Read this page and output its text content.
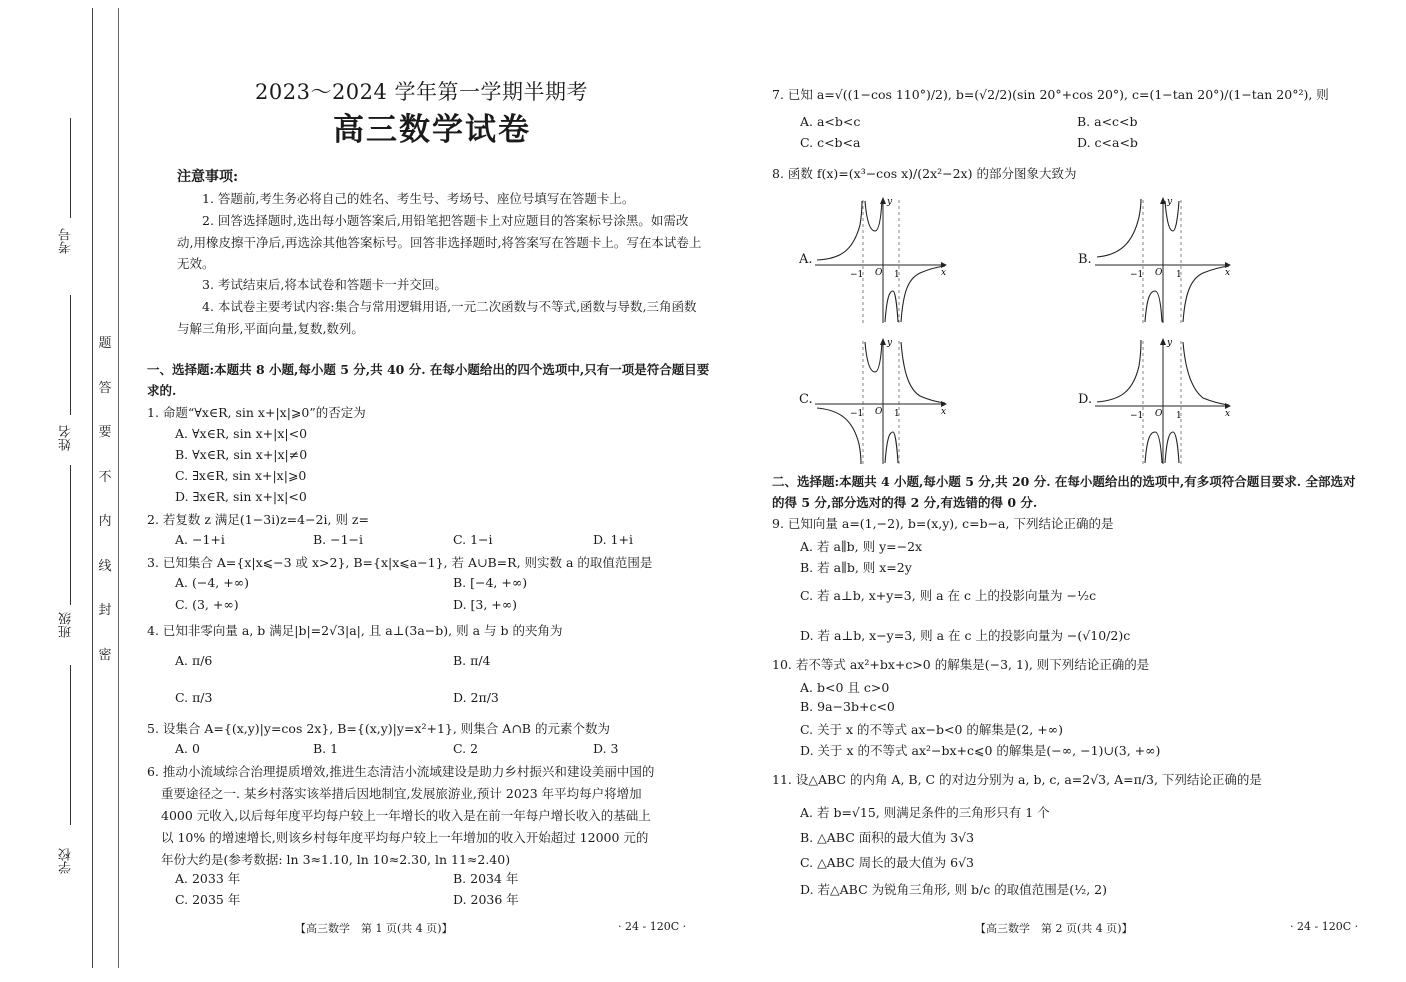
考号
姓名
班级
学校
题
答
要
不
内
线
封
密
2023～2024 学年第一学期半期考
高三数学试卷
注意事项:
1. 答题前,考生务必将自己的姓名、考生号、考场号、座位号填写在答题卡上。
2. 回答选择题时,选出每小题答案后,用铅笔把答题卡上对应题目的答案标号涂黑。如需改动,用橡皮擦干净后,再选涂其他答案标号。回答非选择题时,将答案写在答题卡上。写在本试卷上无效。
3. 考试结束后,将本试卷和答题卡一并交回。
4. 本试卷主要考试内容:集合与常用逻辑用语,一元二次函数与不等式,函数与导数,三角函数与解三角形,平面向量,复数,数列。
一、选择题:本题共 8 小题,每小题 5 分,共 40 分. 在每小题给出的四个选项中,只有一项是符合题目要求的.
1. 命题“∀x∈R, sin x+|x|⩾0”的否定为
A. ∀x∈R, sin x+|x|<0
B. ∀x∈R, sin x+|x|≠0
C. ∃x∈R, sin x+|x|⩾0
D. ∃x∈R, sin x+|x|<0
2. 若复数 z 满足(1−3i)z=4−2i, 则 z=
A. −1+i	B. −1−i	C. 1−i	D. 1+i
3. 已知集合 A={x|x⩽−3 或 x>2}, B={x|x⩽a−1}, 若 A∪B=R, 则实数 a 的取值范围是
A. (−4, +∞)	B. [−4, +∞)
C. (3, +∞)	D. [3, +∞)
4. 已知非零向量 a, b 满足|b|=2√3|a|, 且 a⊥(3a−b), 则 a 与 b 的夹角为
A. π/6	B. π/4
C. π/3	D. 2π/3
5. 设集合 A={(x,y)|y=cos 2x}, B={(x,y)|y=x²+1}, 则集合 A∩B 的元素个数为
A. 0	B. 1	C. 2	D. 3
6. 推动小流域综合治理提质增效,推进生态清洁小流域建设是助力乡村振兴和建设美丽中国的
重要途径之一. 某乡村落实该举措后因地制宜,发展旅游业,预计 2023 年平均每户将增加
4000 元收入,以后每年度平均每户较上一年增长的收入是在前一年每户增长收入的基础上
以 10% 的增速增长,则该乡村每年度平均每户较上一年增加的收入开始超过 12000 元的
年份大约是(参考数据: ln 3≈1.10, ln 10≈2.30, ln 11≈2.40)
A. 2033 年	B. 2034 年
C. 2035 年	D. 2036 年
【高三数学　第 1 页(共 4 页)】	· 24 - 120C ·
7. 已知 a=√((1−cos 110°)/2), b=(√2/2)(sin 20°+cos 20°), c=(1−tan 20°)/(1−tan 20°²), 则
A. a<b<c	B. a<c<b
C. c<b<a	D. c<a<b
8. 函数 f(x)=(x³−cos x)/(2x²−2x) 的部分图象大致为
A.
−1 O 1	x
y
B.
−1 O 1	x
y
C.
−1 O 1	x
y
D.
−1 O 1	x
y
二、选择题:本题共 4 小题,每小题 5 分,共 20 分. 在每小题给出的选项中,有多项符合题目要求. 全部选对的得 5 分,部分选对的得 2 分,有选错的得 0 分.
9. 已知向量 a=(1,−2), b=(x,y), c=b−a, 下列结论正确的是
A. 若 a∥b, 则 y=−2x
B. 若 a∥b, 则 x=2y
C. 若 a⊥b, x+y=3, 则 a 在 c 上的投影向量为 −½c
D. 若 a⊥b, x−y=3, 则 a 在 c 上的投影向量为 −(√10/2)c
10. 若不等式 ax²+bx+c>0 的解集是(−3, 1), 则下列结论正确的是
A. b<0 且 c>0
B. 9a−3b+c<0
C. 关于 x 的不等式 ax−b<0 的解集是(2, +∞)
D. 关于 x 的不等式 ax²−bx+c⩽0 的解集是(−∞, −1)∪(3, +∞)
11. 设△ABC 的内角 A, B, C 的对边分别为 a, b, c, a=2√3, A=π/3, 下列结论正确的是
A. 若 b=√15, 则满足条件的三角形只有 1 个
B. △ABC 面积的最大值为 3√3
C. △ABC 周长的最大值为 6√3
D. 若△ABC 为锐角三角形, 则 b/c 的取值范围是(½, 2)
【高三数学　第 2 页(共 4 页)】	· 24 - 120C ·
